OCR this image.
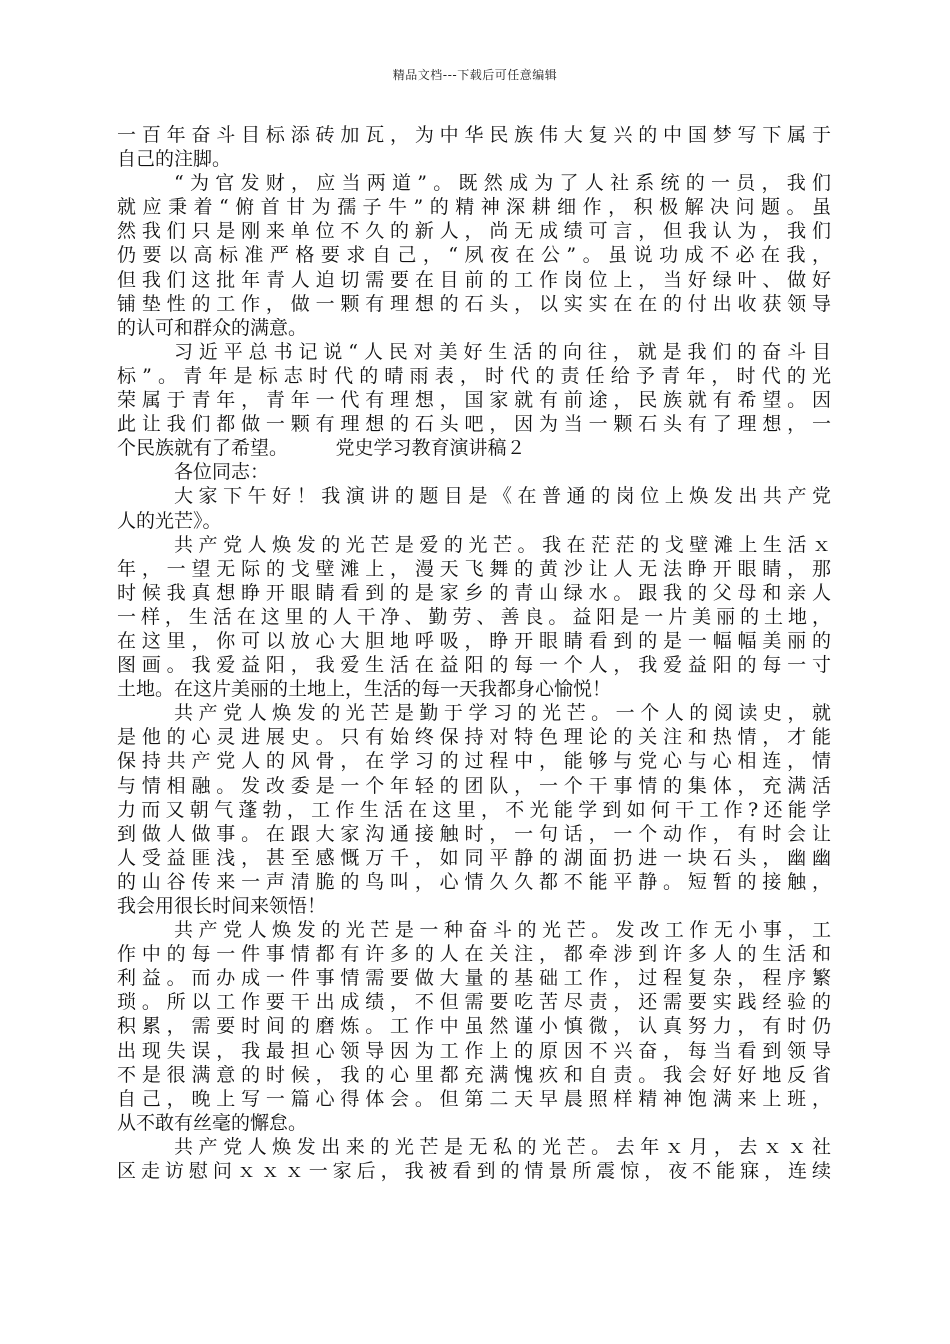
精品文档---下载后可任意编辑
一百年奋斗目标添砖加瓦，为中华民族伟大复兴的中国梦写下属于
自己的注脚。
“为官发财，应当两道”。既然成为了人社系统的一员，我们
就应秉着“俯首甘为孺子牛”的精神深耕细作，积极解决问题。虽
然我们只是刚来单位不久的新人，尚无成绩可言，但我认为，我们
仍要以高标准严格要求自己，“夙夜在公”。虽说功成不必在我，
但我们这批年青人迫切需要在目前的工作岗位上，当好绿叶、做好
铺垫性的工作，做一颗有理想的石头，以实实在在的付出收获领导
的认可和群众的满意。
习近平总书记说“人民对美好生活的向往，就是我们的奋斗目
标”。青年是标志时代的晴雨表，时代的责任给予青年，时代的光
荣属于青年，青年一代有理想，国家就有前途，民族就有希望。因
此让我们都做一颗有理想的石头吧，因为当一颗石头有了理想，一
个民族就有了希望。　　　党史学习教育演讲稿２
各位同志：
大家下午好！我演讲的题目是《在普通的岗位上焕发出共产党
人的光芒》。
共产党人焕发的光芒是爱的光芒。我在茫茫的戈壁滩上生活ｘ
年，一望无际的戈壁滩上，漫天飞舞的黄沙让人无法睁开眼睛，那
时候我真想睁开眼睛看到的是家乡的青山绿水。跟我的父母和亲人
一样，生活在这里的人干净、勤劳、善良。益阳是一片美丽的土地，
在这里，你可以放心大胆地呼吸，睁开眼睛看到的是一幅幅美丽的
图画。我爱益阳，我爱生活在益阳的每一个人，我爱益阳的每一寸
土地。在这片美丽的土地上，生活的每一天我都身心愉悦！
共产党人焕发的光芒是勤于学习的光芒。一个人的阅读史，就
是他的心灵进展史。只有始终保持对特色理论的关注和热情，才能
保持共产党人的风骨，在学习的过程中，能够与党心与心相连，情
与情相融。发改委是一个年轻的团队，一个干事情的集体，充满活
力而又朝气蓬勃，工作生活在这里，不光能学到如何干工作?还能学
到做人做事。在跟大家沟通接触时，一句话，一个动作，有时会让
人受益匪浅，甚至感慨万千，如同平静的湖面扔进一块石头，幽幽
的山谷传来一声清脆的鸟叫，心情久久都不能平静。短暂的接触，
我会用很长时间来领悟！
共产党人焕发的光芒是一种奋斗的光芒。发改工作无小事，工
作中的每一件事情都有许多的人在关注，都牵涉到许多人的生活和
利益。而办成一件事情需要做大量的基础工作，过程复杂，程序繁
琐。所以工作要干出成绩，不但需要吃苦尽责，还需要实践经验的
积累，需要时间的磨炼。工作中虽然谨小慎微，认真努力，有时仍
出现失误，我最担心领导因为工作上的原因不兴奋，每当看到领导
不是很满意的时候，我的心里都充满愧疚和自责。我会好好地反省
自己，晚上写一篇心得体会。但第二天早晨照样精神饱满来上班，
从不敢有丝毫的懈怠。
共产党人焕发出来的光芒是无私的光芒。去年ｘ月，去ｘｘ社
区走访慰问ｘｘｘ一家后，我被看到的情景所震惊，夜不能寐，连续
